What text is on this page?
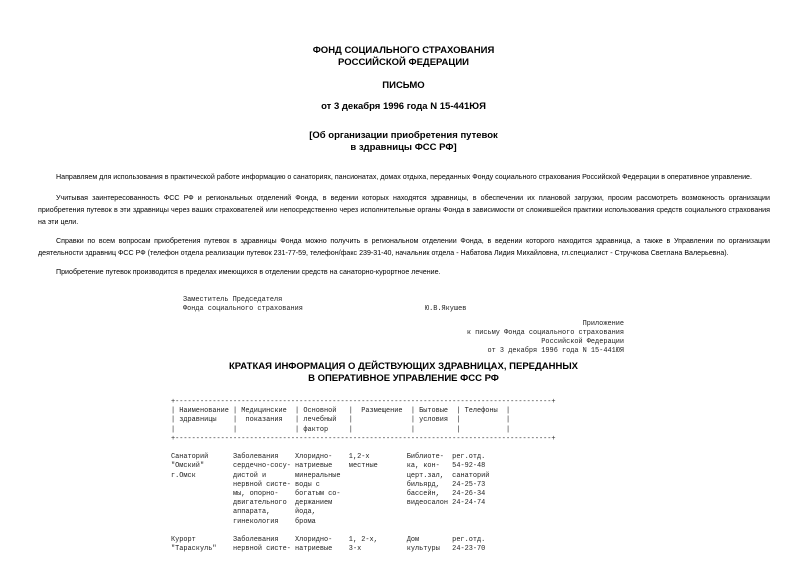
ФОНД СОЦИАЛЬНОГО СТРАХОВАНИЯ
РОССИЙСКОЙ ФЕДЕРАЦИИ
ПИСЬМО
от 3 декабря 1996 года N 15-441ЮЯ
[Об организации приобретения путевок
в здравницы ФСС РФ]
Направляем для использования в практической работе информацию о санаториях, пансионатах, домах отдыха, переданных Фонду социального страхования Российской Федерации в оперативное управление.
Учитывая заинтересованность ФСС РФ и региональных отделений Фонда, в ведении которых находятся здравницы, в обеспечении их плановой загрузки, просим рассмотреть возможность организации приобретения путевок в эти здравницы через ваших страхователей или непосредственно через исполнительные органы Фонда в зависимости от сложившейся практики использования средств социального страхования на эти цели.
Справки по всем вопросам приобретения путевок в здравницы Фонда можно получить в региональном отделении Фонда, в ведении которого находится здравница, а также в Управлении по организации деятельности здравниц ФСС РФ (телефон отдела реализации путевок 231-77-59, телефон/факс 239-31-40, начальник отдела - Набатова Лидия Михайловна, гл.специалист - Стручкова Светлана Валерьевна).
Приобретение путевок производится в пределах имеющихся в отделении средств на санаторно-курортное лечение.
Заместитель Председателя
Фонда социального страхования	Ю.В.Якушев
Приложение
к письму Фонда социального страхования
Российской Федерации
от 3 декабря 1996 года N 15-441ЮЯ
КРАТКАЯ ИНФОРМАЦИЯ О ДЕЙСТВУЮЩИХ ЗДРАВНИЦАХ, ПЕРЕДАННЫХ
В ОПЕРАТИВНОЕ УПРАВЛЕНИЕ ФСС РФ
+-------------------------------------------------------------------------------------------+
| Наименование | Медицинские  | Основной   |  Размещение  | Бытовые  | Телефоны  |
| здравницы    |  показания   | лечебный   |              | условия  |           |
|              |              | фактор     |              |          |           |
+-------------------------------------------------------------------------------------------+

Санаторий      Заболевания    Хлоридно-    1,2-х         Библиоте-  рег.отд.
"Омский"       сердечно-сосу- натриевые    местные       ка, кон-   54-92-48
г.Омск         дистой и       минеральные                церт.зал,  санаторий
нервной систе- воды с                     бильярд,   24-25-73
мы, опорно-    богатым со-                бассейн,   24-26-34
двигательного  держанием                  видеосалон 24-24-74
аппарата,      йода,
гинекология    брома

Курорт         Заболевания    Хлоридно-    1, 2-х,       Дом        рег.отд.
"Тараскуль"    нервной систе- натриевые    3-х           культуры   24-23-70
